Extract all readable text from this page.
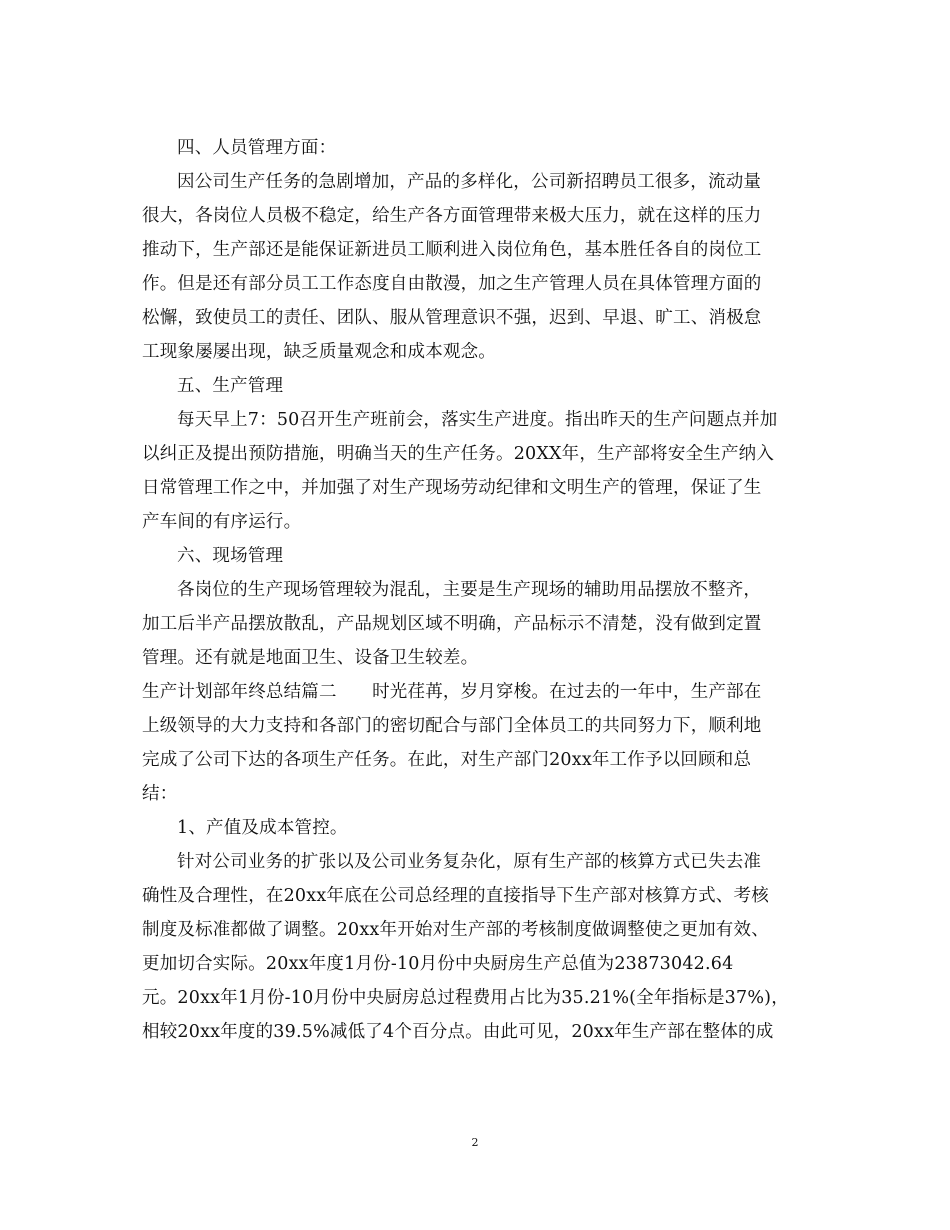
四、人员管理方面：
因公司生产任务的急剧增加，产品的多样化，公司新招聘员工很多，流动量
很大，各岗位人员极不稳定，给生产各方面管理带来极大压力，就在这样的压力
推动下，生产部还是能保证新进员工顺利进入岗位角色，基本胜任各自的岗位工
作。但是还有部分员工工作态度自由散漫，加之生产管理人员在具体管理方面的
松懈，致使员工的责任、团队、服从管理意识不强，迟到、早退、旷工、消极怠
工现象屡屡出现，缺乏质量观念和成本观念。
五、生产管理
每天早上7：50召开生产班前会，落实生产进度。指出昨天的生产问题点并加
以纠正及提出预防措施，明确当天的生产任务。20XX年，生产部将安全生产纳入
日常管理工作之中，并加强了对生产现场劳动纪律和文明生产的管理，保证了生
产车间的有序运行。
六、现场管理
各岗位的生产现场管理较为混乱，主要是生产现场的辅助用品摆放不整齐，
加工后半产品摆放散乱，产品规划区域不明确，产品标示不清楚，没有做到定置
管理。还有就是地面卫生、设备卫生较差。
生产计划部年终总结篇二　　时光荏苒，岁月穿梭。在过去的一年中，生产部在
上级领导的大力支持和各部门的密切配合与部门全体员工的共同努力下，顺利地
完成了公司下达的各项生产任务。在此，对生产部门20xx年工作予以回顾和总
结：
1、产值及成本管控。
针对公司业务的扩张以及公司业务复杂化，原有生产部的核算方式已失去准
确性及合理性，在20xx年底在公司总经理的直接指导下生产部对核算方式、考核
制度及标准都做了调整。20xx年开始对生产部的考核制度做调整使之更加有效、
更加切合实际。20xx年度1月份-10月份中央厨房生产总值为23873042.64
元。20xx年1月份-10月份中央厨房总过程费用占比为35.21%(全年指标是37%)，
相较20xx年度的39.5%减低了4个百分点。由此可见，20xx年生产部在整体的成
2
